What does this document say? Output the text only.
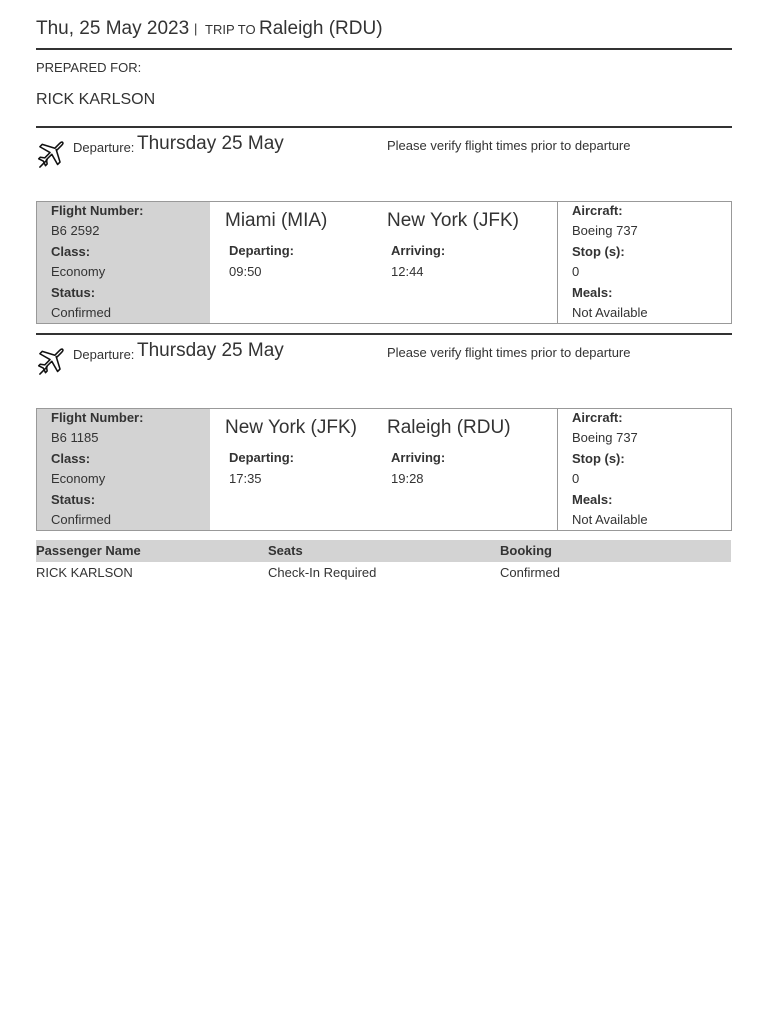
Thu, 25 May 2023 | TRIP TO Raleigh (RDU)
PREPARED FOR:
RICK KARLSON
Departure: Thursday 25 May	Please verify flight times prior to departure
Flight Number:
B6 2592
Class:
Economy
Status:
Confirmed
Miami (MIA)	New York (JFK)
Departing:
09:50
Arriving:
12:44
Aircraft:
Boeing 737
Stop (s):
0
Meals:
Not Available
Departure: Thursday 25 May	Please verify flight times prior to departure
Flight Number:
B6 1185
Class:
Economy
Status:
Confirmed
New York (JFK) Raleigh (RDU)
Departing:
17:35
Arriving:
19:28
Aircraft:
Boeing 737
Stop (s):
0
Meals:
Not Available
Passenger Name	Seats	Booking
RICK KARLSON	Check-In Required	Confirmed
